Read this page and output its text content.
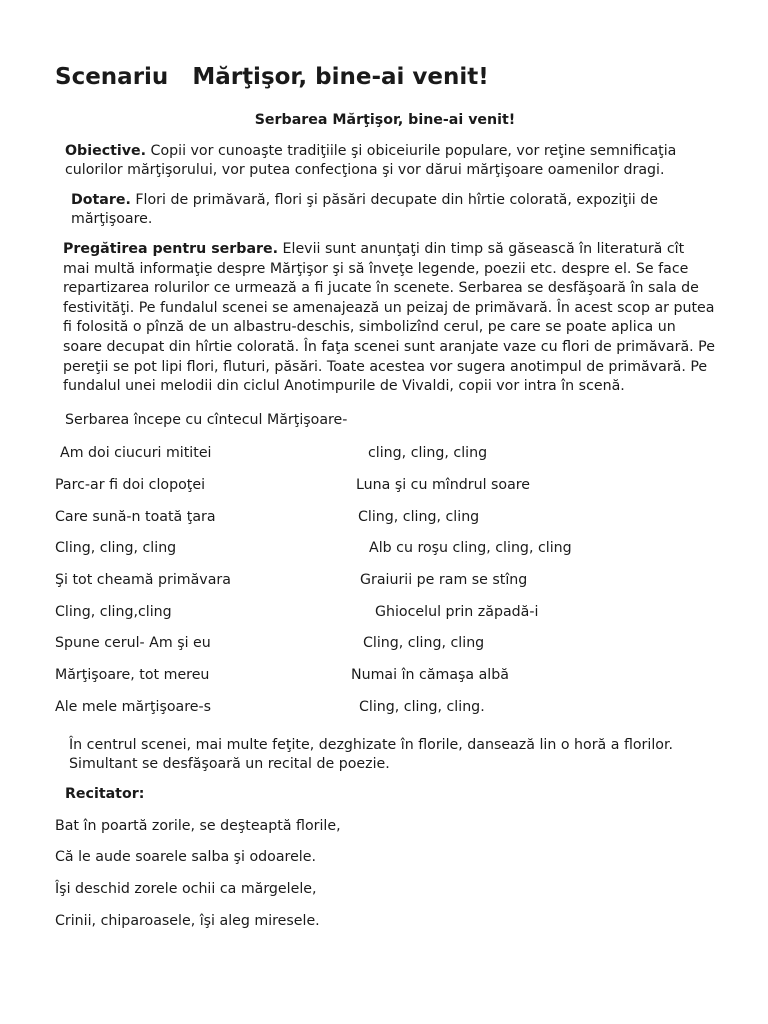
Scenariu   Mărţişor, bine-ai venit!
Serbarea Mărţişor, bine-ai venit!
Obiective. Copii vor cunoaşte tradiţiile şi obiceiurile populare, vor reţine semnificaţia culorilor mărţişorului, vor putea confecţiona şi vor dărui mărţişoare oamenilor dragi.
Dotare. Flori de primăvară, flori şi păsări decupate din hîrtie colorată, expoziţii de mărţişoare.
Pregătirea pentru serbare. Elevii sunt anunţaţi din timp să găsească în literatură cît mai multă informaţie despre Mărţişor şi să înveţe legende, poezii etc. despre el. Se face repartizarea rolurilor ce urmează a fi jucate în scenete. Serbarea se desfăşoară în sala de festivităţi. Pe fundalul scenei se amenajează un peizaj de primăvară. În acest scop ar putea fi folosită o pînză de un albastru-deschis, simbolizînd cerul, pe care se poate aplica un soare decupat din hîrtie colorată. În faţa scenei sunt aranjate vaze cu flori de primăvară. Pe pereţii se pot lipi flori, fluturi, păsări. Toate acestea vor sugera anotimpul de primăvară. Pe fundalul unei melodii din ciclul Anotimpurile de Vivaldi, copii vor intra în scenă.
Serbarea începe cu cîntecul Mărţişoare-
Am doi ciucuri mititei	cling, cling, cling
Parc-ar fi doi clopoţei	Luna şi cu mîndrul soare
Care sună-n toată ţara	Cling, cling, cling
Cling, cling, cling	Alb cu roşu cling, cling, cling
Şi tot cheamă primăvara	Graiurii pe ram se stîng
Cling, cling,cling	Ghiocelul prin zăpadă-i
Spune cerul- Am şi eu	Cling, cling, cling
Mărţişoare, tot mereu	Numai în cămaşa albă
Ale mele mărţişoare-s	Cling, cling, cling.
În centrul scenei, mai multe feţite, dezghizate în florile, dansează lin o horă a florilor. Simultant se desfăşoară un recital de poezie.
Recitator:
Bat în poartă zorile, se deşteaptă florile,
Că le aude soarele salba şi odoarele.
Îşi deschid zorele ochii ca mărgelele,
Crinii, chiparoasele, îşi aleg miresele.
